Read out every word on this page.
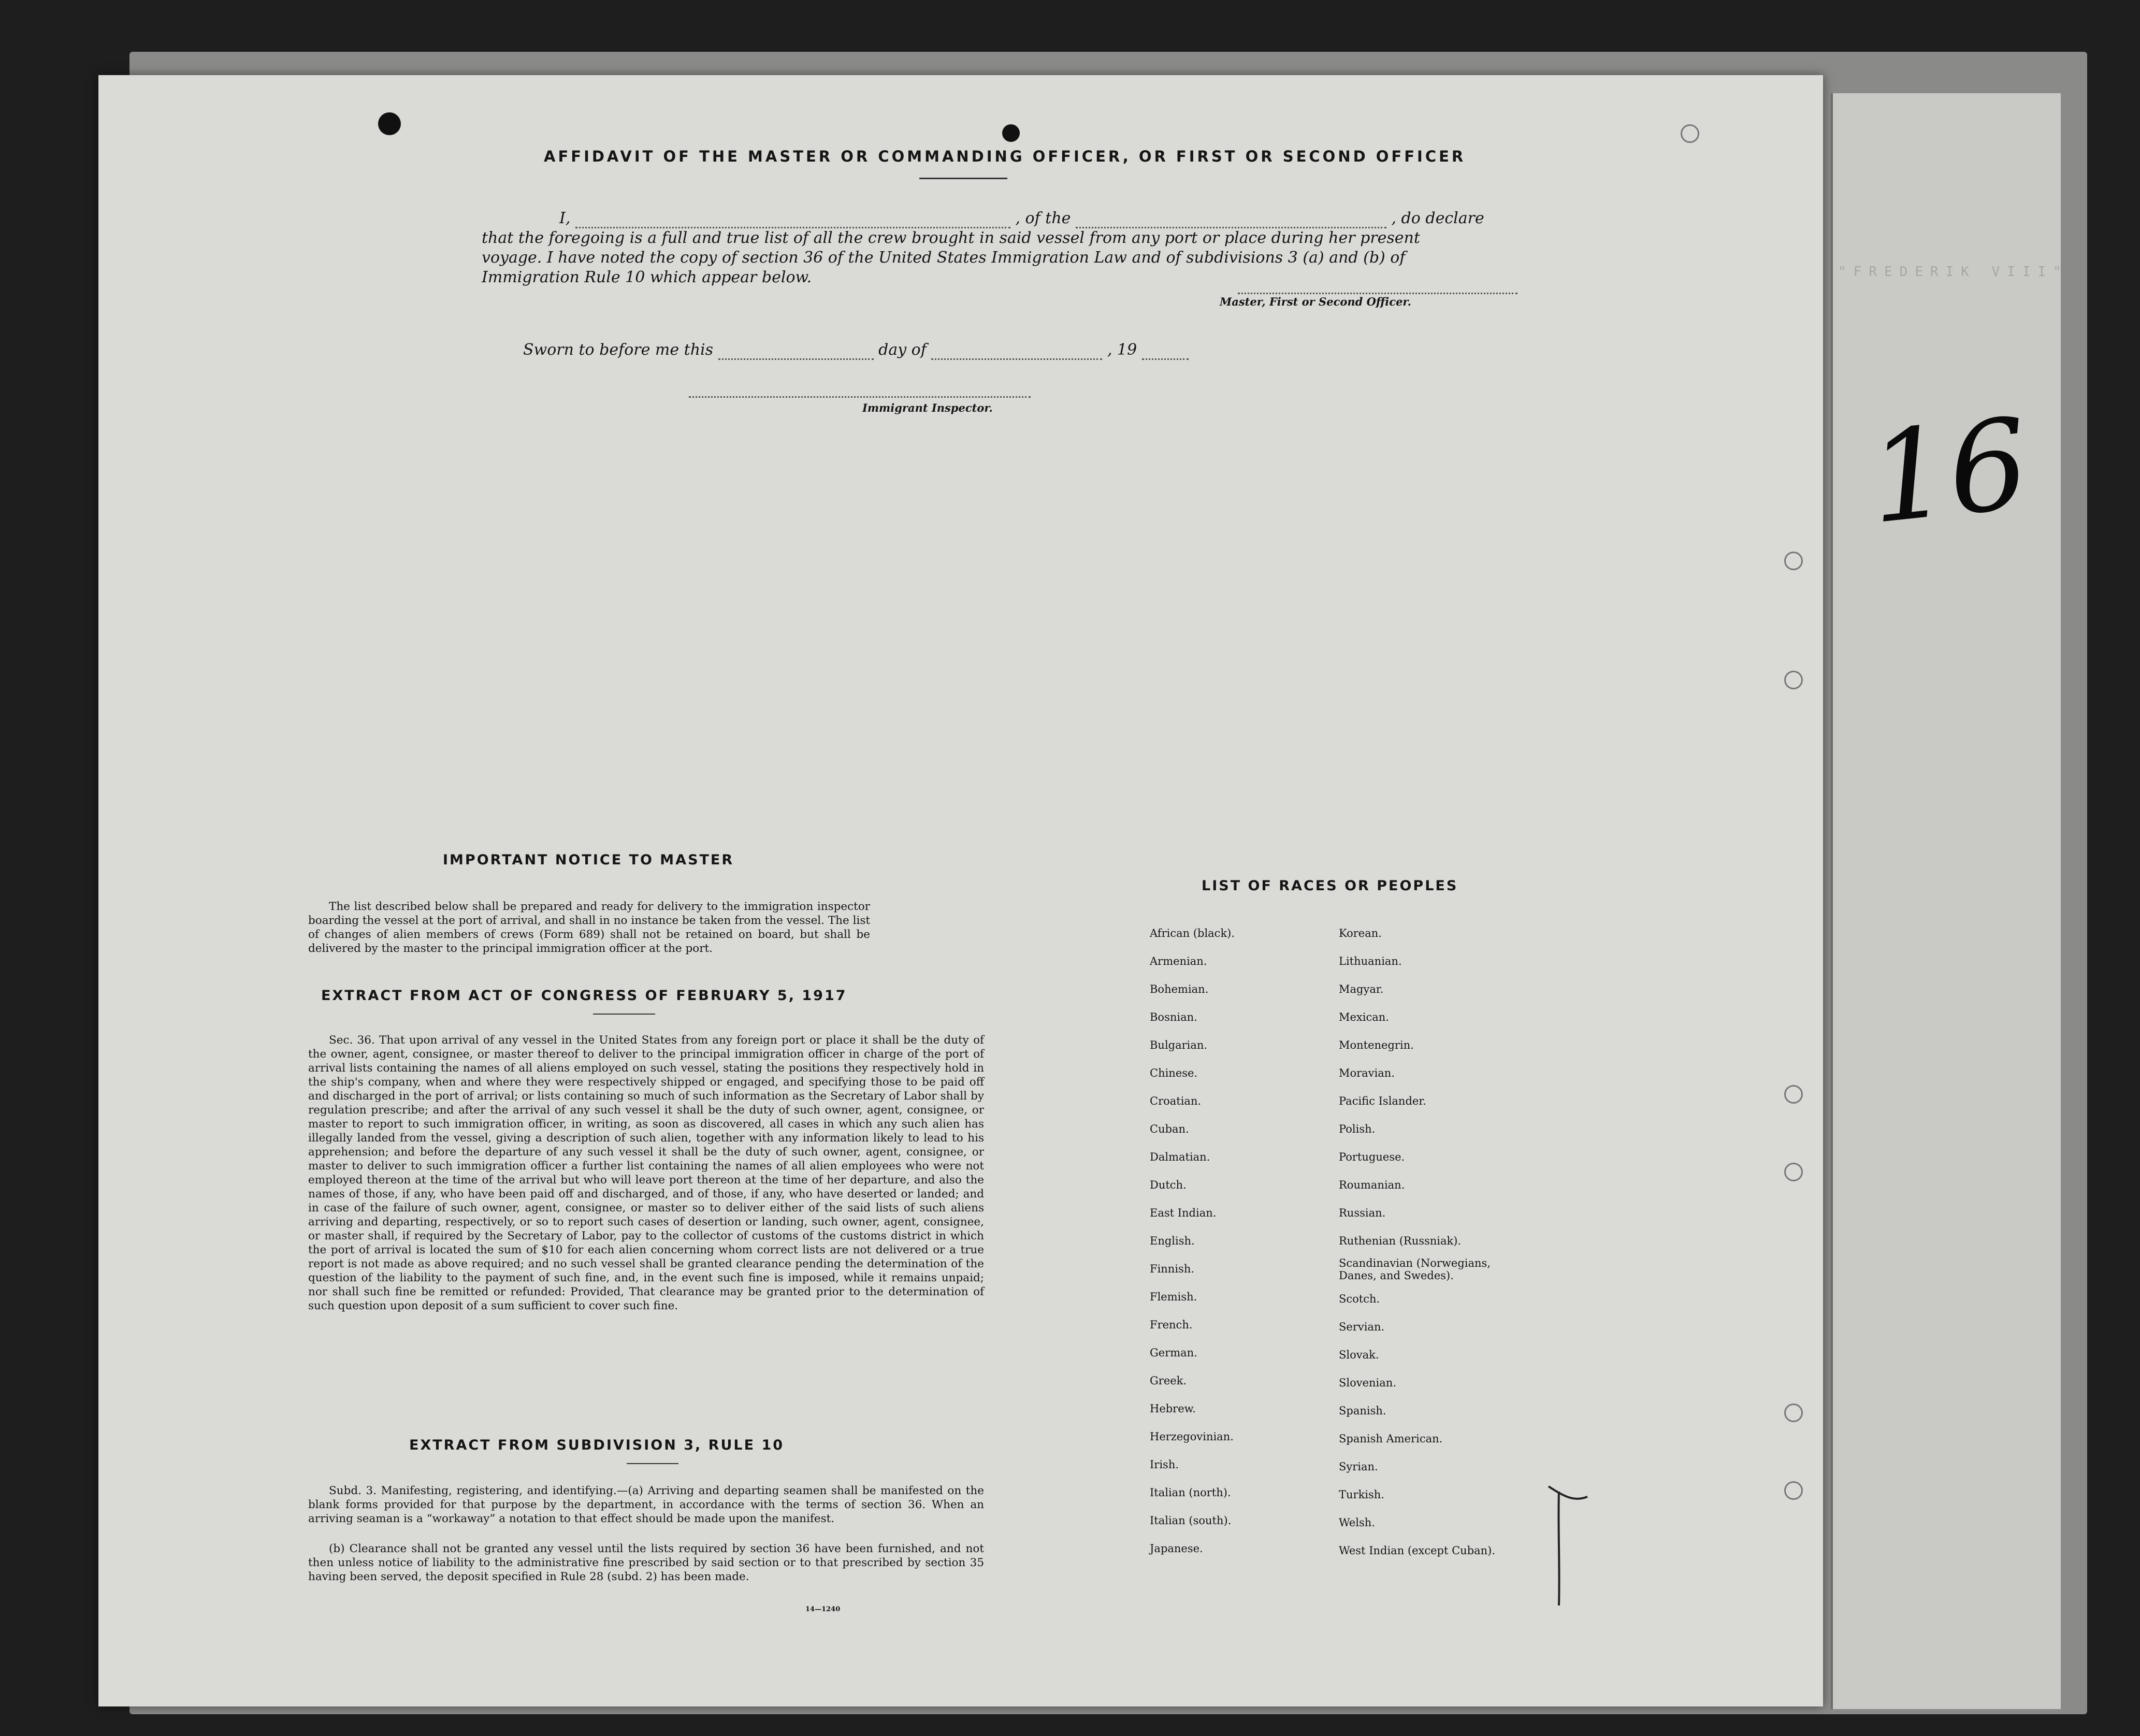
"FREDERIK VIII"
AFFIDAVIT OF THE MASTER OR COMMANDING OFFICER, OR FIRST OR SECOND OFFICER
I,	, of the	, do declare
that the foregoing is a full and true list of all the crew brought in said vessel from any port or place during her present
voyage. I have noted the copy of section 36 of the United States Immigration Law and of subdivisions 3 (a) and (b) of
Immigration Rule 10 which appear below.
Master, First or Second Officer.
Sworn to before me this	day of	, 19
Immigrant Inspector.
IMPORTANT NOTICE TO MASTER
The list described below shall be prepared and ready for delivery to the immigration inspector boarding the vessel at the port of arrival, and shall in no instance be taken from the vessel. The list of changes of alien members of crews (Form 689) shall not be retained on board, but shall be delivered by the master to the principal immigration officer at the port.
EXTRACT FROM ACT OF CONGRESS OF FEBRUARY 5, 1917
Sec. 36. That upon arrival of any vessel in the United States from any foreign port or place it shall be the duty of the owner, agent, consignee, or master thereof to deliver to the principal immigration officer in charge of the port of arrival lists containing the names of all aliens employed on such vessel, stating the positions they respectively hold in the ship's company, when and where they were respectively shipped or engaged, and specifying those to be paid off and discharged in the port of arrival; or lists containing so much of such information as the Secretary of Labor shall by regulation prescribe; and after the arrival of any such vessel it shall be the duty of such owner, agent, consignee, or master to report to such immigration officer, in writing, as soon as discovered, all cases in which any such alien has illegally landed from the vessel, giving a description of such alien, together with any information likely to lead to his apprehension; and before the departure of any such vessel it shall be the duty of such owner, agent, consignee, or master to deliver to such immigration officer a further list containing the names of all alien employees who were not employed thereon at the time of the arrival but who will leave port thereon at the time of her departure, and also the names of those, if any, who have been paid off and discharged, and of those, if any, who have deserted or landed; and in case of the failure of such owner, agent, consignee, or master so to deliver either of the said lists of such aliens arriving and departing, respectively, or so to report such cases of desertion or landing, such owner, agent, consignee, or master shall, if required by the Secretary of Labor, pay to the collector of customs of the customs district in which the port of arrival is located the sum of $10 for each alien concerning whom correct lists are not delivered or a true report is not made as above required; and no such vessel shall be granted clearance pending the determination of the question of the liability to the payment of such fine, and, in the event such fine is imposed, while it remains unpaid; nor shall such fine be remitted or refunded: Provided, That clearance may be granted prior to the determination of such question upon deposit of a sum sufficient to cover such fine.
EXTRACT FROM SUBDIVISION 3, RULE 10
Subd. 3. Manifesting, registering, and identifying.—(a) Arriving and departing seamen shall be manifested on the blank forms provided for that purpose by the department, in accordance with the terms of section 36. When an arriving seaman is a “workaway” a notation to that effect should be made upon the manifest.
(b) Clearance shall not be granted any vessel until the lists required by section 36 have been furnished, and not then unless notice of liability to the administrative fine prescribed by said section or to that prescribed by section 35 having been served, the deposit specified in Rule 28 (subd. 2) has been made.
14—1240
LIST OF RACES OR PEOPLES
African (black).
Armenian.
Bohemian.
Bosnian.
Bulgarian.
Chinese.
Croatian.
Cuban.
Dalmatian.
Dutch.
East Indian.
English.
Finnish.
Flemish.
French.
German.
Greek.
Hebrew.
Herzegovinian.
Irish.
Italian (north).
Italian (south).
Japanese.
Korean.
Lithuanian.
Magyar.
Mexican.
Montenegrin.
Moravian.
Pacific Islander.
Polish.
Portuguese.
Roumanian.
Russian.
Ruthenian (Russniak).
Scandinavian (Norwegians, Danes, and Swedes).
Scotch.
Servian.
Slovak.
Slovenian.
Spanish.
Spanish American.
Syrian.
Turkish.
Welsh.
West Indian (except Cuban).
16
